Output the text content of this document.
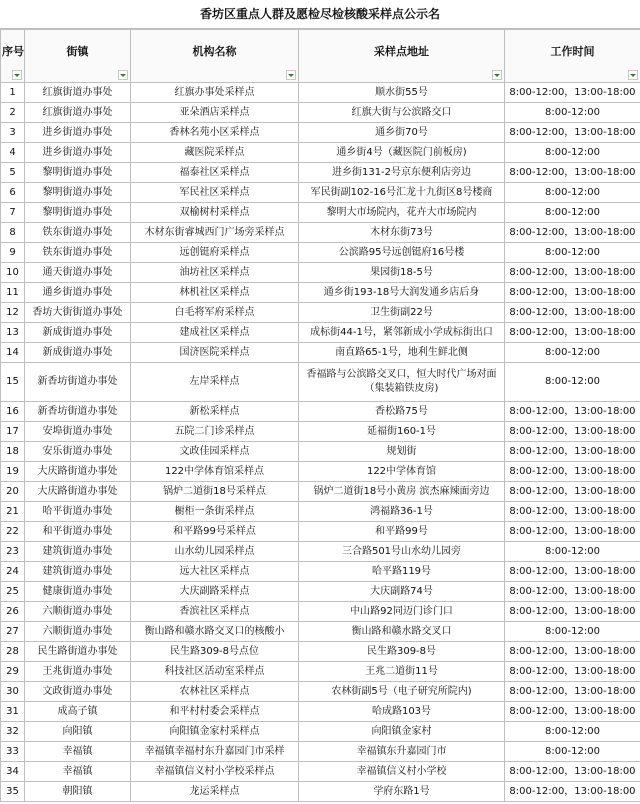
香坊区重点人群及愿检尽检核酸采样点公示名
序号	街镇	机构名称	采样点地址	工作时间

1	红旗街道办事处	红旗办事处采样点	顺水街55号	8:00-12:00，13:00-18:00
2	红旗街道办事处	亚朵酒店采样点	红旗大街与公滨路交口	8:00-12:00
3	进乡街道办事处	香林名苑小区采样点	通乡街70号	8:00-12:00，13:00-18:00
4	进乡街道办事处	藏医院采样点	通乡街4号（藏医院门前板房)	8:00-12:00
5	黎明街道办事处	福泰社区采样点	进乡街131-2号京东便利店旁边	8:00-12:00，13:00-18:00
6	黎明街道办事处	军民社区采样点	军民街副102-16号汇龙十九街区8号楼商	8:00-12:00
7	黎明街道办事处	双榆树村采样点	黎明大市场院内，花卉大市场院内	8:00-12:00
8	铁东街道办事处	木材东街睿城西门广场旁采样点	木材东街73号	8:00-12:00，13:00-18:00
9	铁东街道办事处	远创铤府采样点	公滨路95号远创铤府16号楼	8:00-12:00
10	通天街道办事处	油坊社区采样点	果园街18-5号	8:00-12:00，13:00-18:00
11	通乡街道办事处	林机社区采样点	通乡街193-18号大润发通乡店后身	8:00-12:00，13:00-18:00
12	香坊大街街道办事处	白毛将军府采样点	卫生街副22号	8:00-12:00，13:00-18:00
13	新成街道办事处	建成社区采样点	成标街44-1号，紧邻新成小学成标街出口	8:00-12:00，13:00-18:00
14	新成街道办事处	国济医院采样点	南直路65-1号，地利生鲜北侧	8:00-12:00
15	新香坊街道办事处	左岸采样点	香福路与公滨路交叉口，恒大时代广场对面（集装箱铁皮房)	8:00-12:00
16	新香坊街道办事处	新松采样点	香松路75号	8:00-12:00，13:00-18:00
17	安埠街道办事处	五院二门诊采样点	延福街160-1号	8:00-12:00，13:00-18:00
18	安乐街道办事处	文政佳园采样点	规划街	8:00-12:00，13:00-18:00
19	大庆路街道办事处	122中学体育馆采样点	122中学体育馆	8:00-12:00，13:00-18:00
20	大庆路街道办事处	锅炉二道街18号采样点	锅炉二道街18号小黄房 滨杰麻辣面旁边	8:00-12:00，13:00-18:00
21	哈平街道办事处	橱柜一条街采样点	鸿福路36-1号	8:00-12:00，13:00-18:00
22	和平街道办事处	和平路99号采样点	和平路99号	8:00-12:00，13:00-18:00
23	建筑街道办事处	山水幼儿园采样点	三合路501号山水幼儿园旁	8:00-12:00
24	建筑街道办事处	远大社区采样点	哈平路119号	8:00-12:00，13:00-18:00
25	健康街道办事处	大庆副路采样点	大庆副路74号	8:00-12:00，13:00-18:00
26	六顺街道办事处	香滨社区采样点	中山路92同迈门诊门口	8:00-12:00，13:00-18:00
27	六顺街道办事处	衡山路和赣水路交叉口的核酸小	衡山路和赣水路交叉口	8:00-12:00
28	民生路街道办事处	民生路309-8号点位	民生路309-8号	8:00-12:00，13:00-18:00
29	王兆街道办事处	科技社区活动室采样点	王兆二道街11号	8:00-12:00，13:00-18:00
30	文政街道办事处	农林社区采样点	农林街副5号（电子研究所院内)	8:00-12:00，13:00-18:00
31	成高子镇	和平村村委会采样点	哈成路103号	8:00-12:00，13:00-18:00
32	向阳镇	向阳镇金家村采样点	向阳镇金家村	8:00-12:00
33	幸福镇	幸福镇幸福村东升嘉园门市采样	幸福镇东升嘉园门市	8:00-12:00
34	幸福镇	幸福镇信义村小学校采样点	幸福镇信义村小学校	8:00-12:00，13:00-18:00
35	朝阳镇	龙运采样点	学府东路1号	8:00-12:00，13:00-18:00
